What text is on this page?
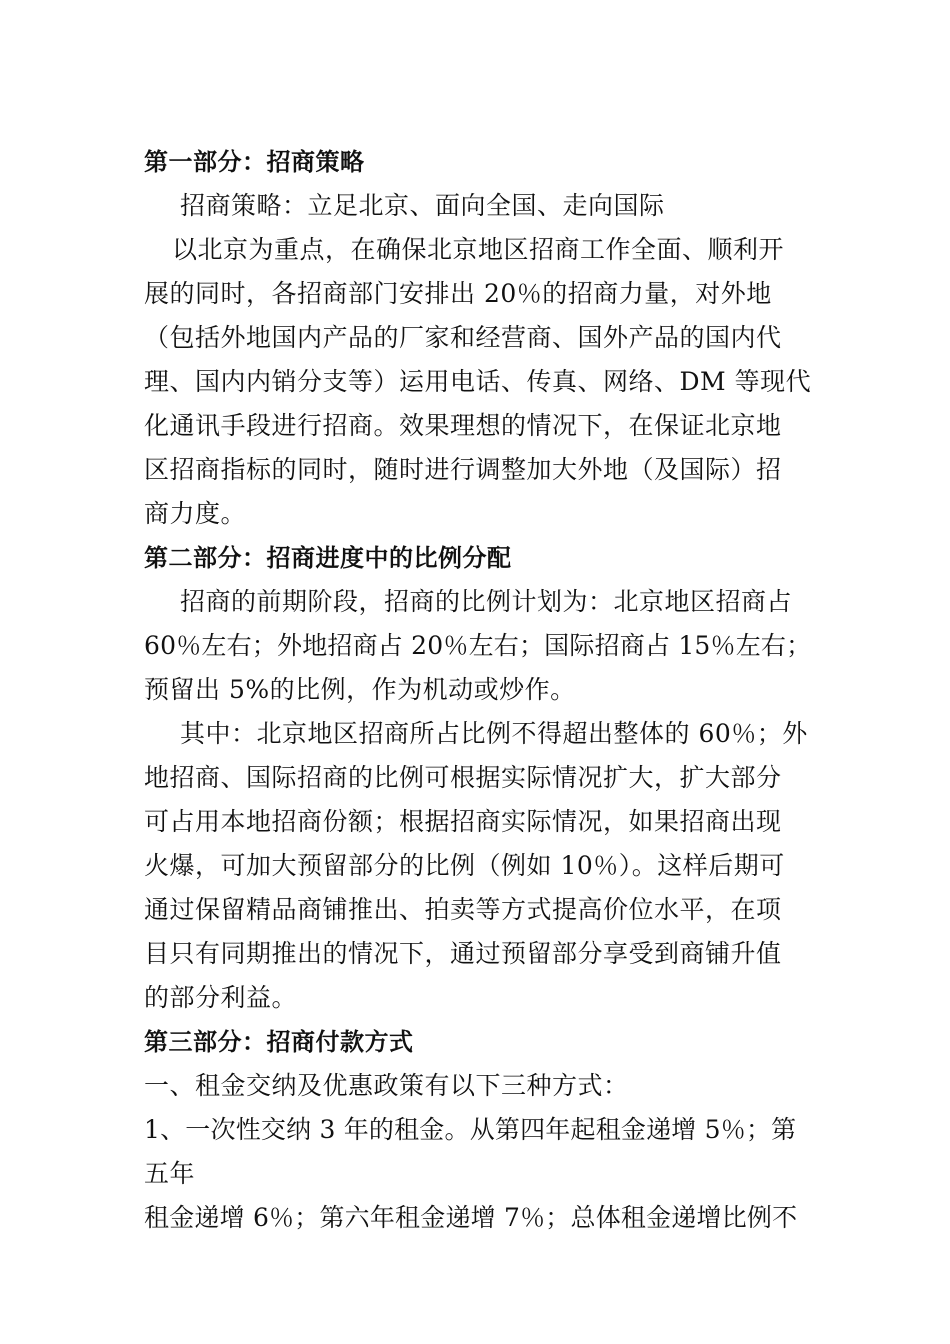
第一部分：招商策略
招商策略：立足北京、面向全国、走向国际
以北京为重点，在确保北京地区招商工作全面、顺利开
展的同时，各招商部门安排出 20％的招商力量，对外地
（包括外地国内产品的厂家和经营商、国外产品的国内代
理、国内内销分支等）运用电话、传真、网络、DM 等现代
化通讯手段进行招商。效果理想的情况下，在保证北京地
区招商指标的同时，随时进行调整加大外地（及国际）招
商力度。
第二部分：招商进度中的比例分配
招商的前期阶段，招商的比例计划为：北京地区招商占
60％左右；外地招商占 20％左右；国际招商占 15％左右；
预留出 5%的比例，作为机动或炒作。
其中：北京地区招商所占比例不得超出整体的 60％；外
地招商、国际招商的比例可根据实际情况扩大，扩大部分
可占用本地招商份额；根据招商实际情况，如果招商出现
火爆，可加大预留部分的比例（例如 10％）。这样后期可
通过保留精品商铺推出、拍卖等方式提高价位水平，在项
目只有同期推出的情况下，通过预留部分享受到商铺升值
的部分利益。
第三部分：招商付款方式
一、租金交纳及优惠政策有以下三种方式：
1、一次性交纳 3 年的租金。从第四年起租金递增 5％；第
五年
租金递增 6％；第六年租金递增 7％；总体租金递增比例不
